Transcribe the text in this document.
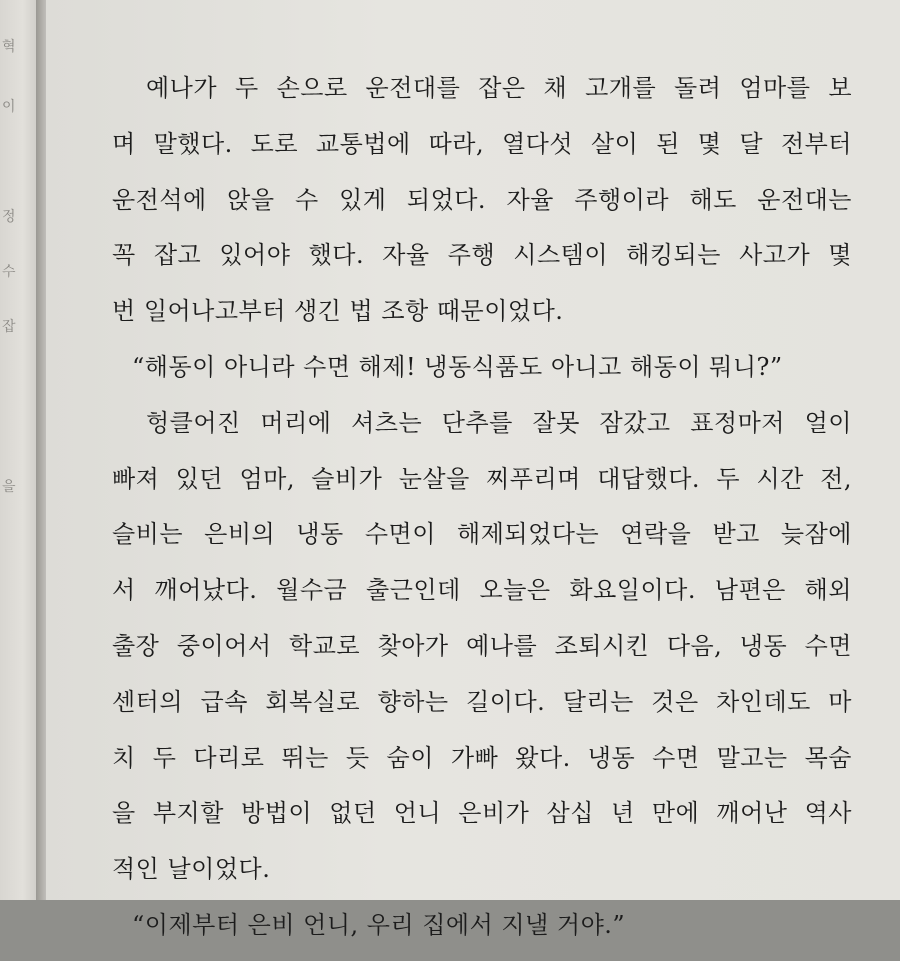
혁
이
정
수
잡
을
예나가 두 손으로 운전대를 잡은 채 고개를 돌려 엄마를 보
며 말했다. 도로 교통법에 따라, 열다섯 살이 된 몇 달 전부터
운전석에 앉을 수 있게 되었다. 자율 주행이라 해도 운전대는
꼭 잡고 있어야 했다. 자율 주행 시스템이 해킹되는 사고가 몇
번 일어나고부터 생긴 법 조항 때문이었다.
“해동이 아니라 수면 해제! 냉동식품도 아니고 해동이 뭐니?”
헝클어진 머리에 셔츠는 단추를 잘못 잠갔고 표정마저 얼이
빠져 있던 엄마, 슬비가 눈살을 찌푸리며 대답했다. 두 시간 전,
슬비는 은비의 냉동 수면이 해제되었다는 연락을 받고 늦잠에
서 깨어났다. 월수금 출근인데 오늘은 화요일이다. 남편은 해외
출장 중이어서 학교로 찾아가 예나를 조퇴시킨 다음, 냉동 수면
센터의 급속 회복실로 향하는 길이다. 달리는 것은 차인데도 마
치 두 다리로 뛰는 듯 숨이 가빠 왔다. 냉동 수면 말고는 목숨
을 부지할 방법이 없던 언니 은비가 삼십 년 만에 깨어난 역사
적인 날이었다.
“이제부터 은비 언니, 우리 집에서 지낼 거야.”
